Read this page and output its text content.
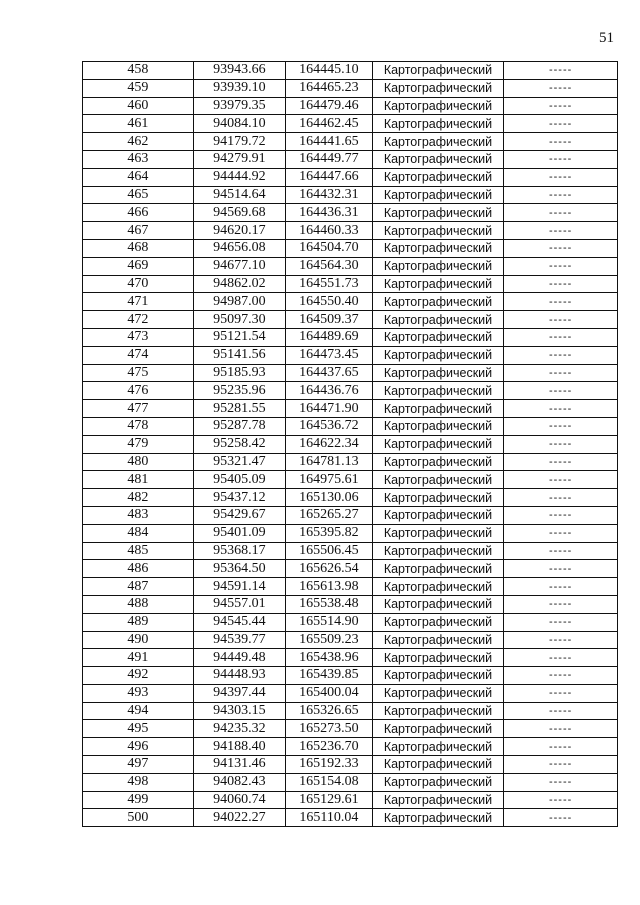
51
458	93943.66	164445.10	Картографический	-----
459	93939.10	164465.23	Картографический	-----
460	93979.35	164479.46	Картографический	-----
461	94084.10	164462.45	Картографический	-----
462	94179.72	164441.65	Картографический	-----
463	94279.91	164449.77	Картографический	-----
464	94444.92	164447.66	Картографический	-----
465	94514.64	164432.31	Картографический	-----
466	94569.68	164436.31	Картографический	-----
467	94620.17	164460.33	Картографический	-----
468	94656.08	164504.70	Картографический	-----
469	94677.10	164564.30	Картографический	-----
470	94862.02	164551.73	Картографический	-----
471	94987.00	164550.40	Картографический	-----
472	95097.30	164509.37	Картографический	-----
473	95121.54	164489.69	Картографический	-----
474	95141.56	164473.45	Картографический	-----
475	95185.93	164437.65	Картографический	-----
476	95235.96	164436.76	Картографический	-----
477	95281.55	164471.90	Картографический	-----
478	95287.78	164536.72	Картографический	-----
479	95258.42	164622.34	Картографический	-----
480	95321.47	164781.13	Картографический	-----
481	95405.09	164975.61	Картографический	-----
482	95437.12	165130.06	Картографический	-----
483	95429.67	165265.27	Картографический	-----
484	95401.09	165395.82	Картографический	-----
485	95368.17	165506.45	Картографический	-----
486	95364.50	165626.54	Картографический	-----
487	94591.14	165613.98	Картографический	-----
488	94557.01	165538.48	Картографический	-----
489	94545.44	165514.90	Картографический	-----
490	94539.77	165509.23	Картографический	-----
491	94449.48	165438.96	Картографический	-----
492	94448.93	165439.85	Картографический	-----
493	94397.44	165400.04	Картографический	-----
494	94303.15	165326.65	Картографический	-----
495	94235.32	165273.50	Картографический	-----
496	94188.40	165236.70	Картографический	-----
497	94131.46	165192.33	Картографический	-----
498	94082.43	165154.08	Картографический	-----
499	94060.74	165129.61	Картографический	-----
500	94022.27	165110.04	Картографический	-----
